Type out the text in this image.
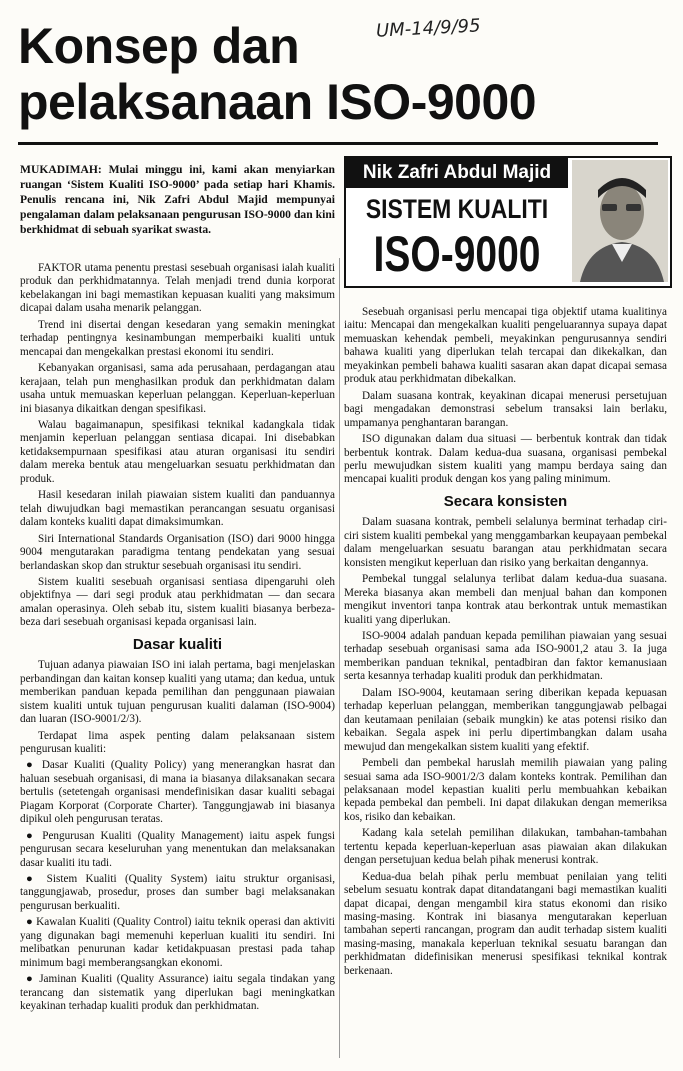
UM-14/9/95
Konsep dan
pelaksanaan ISO-9000

MUKADIMAH: Mulai minggu ini, kami akan menyiarkan ruangan ‘Sistem Kualiti ISO-9000’ pada setiap hari Khamis. Penulis rencana ini, Nik Zafri Abdul Majid mempunyai pengalaman dalam pelaksanaan pengurusan ISO-9000 dan kini berkhidmat di sebuah syarikat swasta.

Nik Zafri Abdul Majid
SISTEM KUALITI
ISO-9000

FAKTOR utama penentu prestasi sesebuah organisasi ialah kualiti produk dan perkhidmatannya. Telah menjadi trend dunia korporat kebelakangan ini bagi memastikan kepuasan kualiti yang maksimum dicapai dalam usaha menarik pelanggan.

Trend ini disertai dengan kesedaran yang semakin meningkat terhadap pentingnya kesinambungan memperbaiki kualiti untuk mencapai dan mengekalkan prestasi ekonomi itu sendiri.

Kebanyakan organisasi, sama ada perusahaan, perdagangan atau kerajaan, telah pun menghasilkan produk dan perkhidmatan dalam usaha untuk memuaskan keperluan pelanggan. Keperluan-keperluan ini biasanya dikaitkan dengan spesifikasi.

Walau bagaimanapun, spesifikasi teknikal kadangkala tidak menjamin keperluan pelanggan sentiasa dicapai. Ini disebabkan ketidaksempurnaan spesifikasi atau aturan organisasi itu sendiri dalam mereka bentuk atau mengeluarkan sesuatu perkhidmatan dan produk.

Hasil kesedaran inilah piawaian sistem kualiti dan panduannya telah diwujudkan bagi memastikan perancangan sesuatu organisasi dalam konteks kualiti dapat dimaksimumkan.

Siri International Standards Organisation (ISO) dari 9000 hingga 9004 mengutarakan paradigma tentang pendekatan yang sesuai berlandaskan skop dan struktur sesebuah organisasi itu sendiri.

Sistem kualiti sesebuah organisasi sentiasa dipengaruhi oleh objektifnya — dari segi produk atau perkhidmatan — dan secara amalan operasinya. Oleh sebab itu, sistem kualiti biasanya berbeza-beza dari sesebuah organisasi kepada organisasi lain.

Dasar kualiti

Tujuan adanya piawaian ISO ini ialah pertama, bagi menjelaskan perbandingan dan kaitan konsep kualiti yang utama; dan kedua, untuk memberikan panduan kepada pemilihan dan penggunaan piawaian sistem kualiti untuk tujuan pengurusan kualiti dalaman (ISO-9004) dan luaran (ISO-9001/2/3).

Terdapat lima aspek penting dalam pelaksanaan sistem pengurusan kualiti:

● Dasar Kualiti (Quality Policy) yang menerangkan hasrat dan haluan sesebuah organisasi, di mana ia biasanya dilaksanakan secara bertulis (setetengah organisasi mendefinisikan dasar kualiti sebagai Piagam Korporat (Corporate Charter). Tanggungjawab ini biasanya dipikul oleh pengurusan teratas.

● Pengurusan Kualiti (Quality Management) iaitu aspek fungsi pengurusan secara keseluruhan yang menentukan dan melaksanakan dasar kualiti itu tadi.

● Sistem Kualiti (Quality System) iaitu struktur organisasi, tanggungjawab, prosedur, proses dan sumber bagi melaksanakan pengurusan berkualiti.

● Kawalan Kualiti (Quality Control) iaitu teknik operasi dan aktiviti yang digunakan bagi memenuhi keperluan kualiti itu sendiri. Ini melibatkan penurunan kadar ketidakpuasan prestasi pada tahap minimum bagi memberangsangkan ekonomi.

● Jaminan Kualiti (Quality Assurance) iaitu segala tindakan yang terancang dan sistematik yang diperlukan bagi meningkatkan keyakinan terhadap kualiti produk dan perkhidmatan.

Sesebuah organisasi perlu mencapai tiga objektif utama kualitinya iaitu: Mencapai dan mengekalkan kualiti pengeluarannya supaya dapat memuaskan kehendak pembeli, meyakinkan pengurusannya sendiri bahawa kualiti yang diperlukan telah tercapai dan dikekalkan, dan meyakinkan pembeli bahawa kualiti sasaran akan dapat dicapai semasa produk atau perkhidmatan dibekalkan.

Dalam suasana kontrak, keyakinan dicapai menerusi persetujuan bagi mengadakan demonstrasi sebelum transaksi lain berlaku, umpamanya penghantaran barangan.

ISO digunakan dalam dua situasi — berbentuk kontrak dan tidak berbentuk kontrak. Dalam kedua-dua suasana, organisasi pembekal perlu mewujudkan sistem kualiti yang mampu berdaya saing dan mencapai kualiti produk dengan kos yang paling minimum.

Secara konsisten

Dalam suasana kontrak, pembeli selalunya berminat terhadap ciri-ciri sistem kualiti pembekal yang menggambarkan keupayaan pembekal dalam mengeluarkan sesuatu barangan atau perkhidmatan secara konsisten mengikut keperluan dan risiko yang berkaitan dengannya.

Pembekal tunggal selalunya terlibat dalam kedua-dua suasana. Mereka biasanya akan membeli dan menjual bahan dan komponen mengikut inventori tanpa kontrak atau berkontrak untuk memastikan kualiti yang diperlukan.

ISO-9004 adalah panduan kepada pemilihan piawaian yang sesuai terhadap sesebuah organisasi sama ada ISO-9001,2 atau 3. Ia juga memberikan panduan teknikal, pentadbiran dan faktor kemanusiaan serta kesannya terhadap kualiti produk dan perkhidmatan.

Dalam ISO-9004, keutamaan sering diberikan kepada kepuasan terhadap keperluan pelanggan, memberikan tanggungjawab pelbagai dan keutamaan penilaian (sebaik mungkin) ke atas potensi risiko dan kebaikan. Segala aspek ini perlu dipertimbangkan dalam usaha mewujud dan mengekalkan sistem kualiti yang efektif.

Pembeli dan pembekal haruslah memilih piawaian yang paling sesuai sama ada ISO-9001/2/3 dalam konteks kontrak. Pemilihan dan pelaksanaan model kepastian kualiti perlu membuahkan kebaikan kepada pembekal dan pembeli. Ini dapat dilakukan dengan memeriksa kos, risiko dan kebaikan.

Kadang kala setelah pemilihan dilakukan, tambahan-tambahan tertentu kepada keperluan-keperluan asas piawaian akan dilakukan dengan persetujuan kedua belah pihak menerusi kontrak.

Kedua-dua belah pihak perlu membuat penilaian yang teliti sebelum sesuatu kontrak dapat ditandatangani bagi memastikan kualiti dapat dicapai, dengan mengambil kira status ekonomi dan risiko masing-masing. Kontrak ini biasanya mengutarakan keperluan tambahan seperti rancangan, program dan audit terhadap sistem kualiti masing-masing, manakala keperluan teknikal sesuatu barangan dan perkhidmatan didefinisikan menerusi spesifikasi teknikal kontrak berkenaan.
